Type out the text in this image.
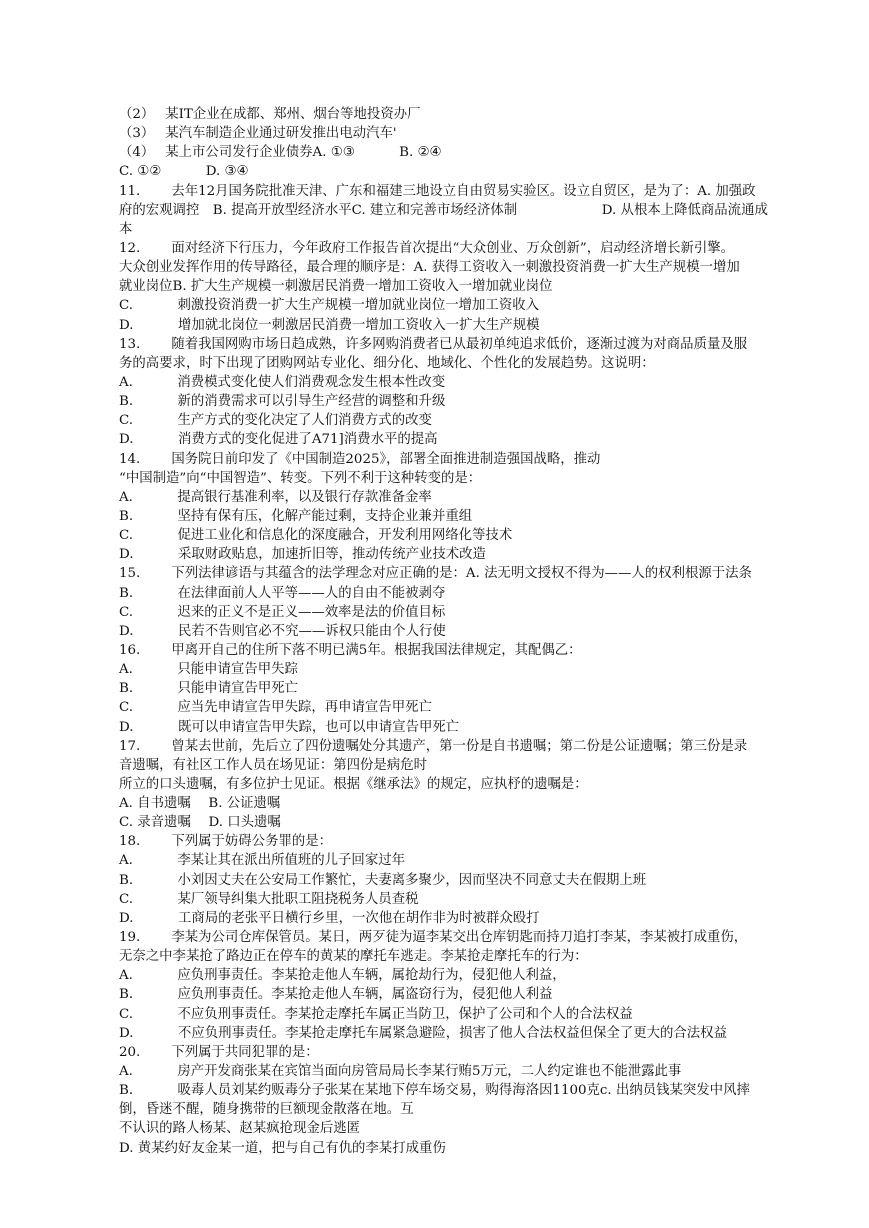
（2）　 某IT企业在成都、郑州、烟台等地投资办厂
（3）　 某汽车制造企业通过研发推出电动汽车'
（4）　 某上市公司发行企业债券A. ①③　　　 B. ②④
C. ①②　　　 D. ③④
11.　　 去年12月国务院批准天津、广东和福建三地设立自由贸易实验区。设立自贸区，是为了：A. 加强政
府的宏观调控　B. 提高开放型经济水平C. 建立和完善市场经济体制　　　　　　 D. 从根本上降低商品流通成
本
12.　　 面对经济下行压力，今年政府工作报告首次提出“大众创业、万众创新”，启动经济增长新引擎。
大众创业发挥作用的传导路径，最合理的顺序是：A. 获得工资收入一刺激投资消费一扩大生产规模一增加
就业岗位B. 扩大生产规模一刺激居民消费一增加工资收入一增加就业岗位
C.　　　 刺激投资消费一扩大生产规模一增加就业岗位一增加工资收入
D.　　　 增加就北岗位一刺激居民消费一增加工资收入一扩大生产规模
13.　　 随着我国网购市场日趋成熟，许多网购消费者已从最初单纯追求低价，逐渐过渡为对商品质量及服
务的高要求，时下出现了团购网站专业化、细分化、地域化、个性化的发展趋势。这说明：
A.　　　 消费模式变化使人们消费观念发生根本性改变
B.　　　 新的消费需求可以引导生产经营的调整和升级
C.　　　 生产方式的变化决定了人们消费方式的改变
D.　　　 消费方式的变化促进了A71]消费水平的提高
14.　　 国务院日前印发了《中国制造2025》，部署全面推进制造强国战略，推动
“中国制造”向“中国智造”、转变。下列不利于这种转变的是：
A.　　　 提高银行基准利率，以及银行存款准备金率
B.　　　 坚持有保有压，化解产能过剩，支持企业兼并重组
C.　　　 促进工业化和信息化的深度融合，开发利用网络化等技术
D.　　　 采取财政贴息，加速折旧等，推动传统产业技术改造
15.　　 下列法律谚语与其蕴含的法学理念对应正确的是：A. 法无明文授权不得为——人的权利根源于法条
B.　　　 在法律面前人人平等——人的自由不能被剥夺
C.　　　 迟来的正义不是正义——效率是法的价值目标
D.　　　 民若不告则官必不究——诉权只能由个人行使
16.　　 甲离开自己的住所下落不明已满5年。根据我国法律规定，其配偶乙：
A.　　　 只能申请宣告甲失踪
B.　　　 只能申请宣告甲死亡
C.　　　 应当先申请宣告甲失踪，再申请宣告甲死亡
D.　　　 既可以申请宣告甲失踪，也可以申请宣告甲死亡
17.　　 曾某去世前，先后立了四份遗嘱处分其遗产，第一份是自书遗嘱；第二份是公证遗嘱；第三份是录
音遗嘱，有社区工作人员在场见证：第四份是病危时
所立的口头遗嘱，有多位护士见证。根据《继承法》的规定，应执杼的遗嘱是：
A. 自书遗嘱　 B. 公证遗嘱
C. 录音遗嘱　 D. 口头遗嘱
18.　　 下列属于妨碍公务罪的是：
A.　　　 李某让其在派出所值班的儿子回家过年
B.　　　 小刘因丈夫在公安局工作繁忙，夫妻离多聚少，因而坚决不同意丈夫在假期上班
C.　　　 某厂领导纠集大批职工阻挠税务人员查税
D.　　　 工商局的老张平日横行乡里，一次他在胡作非为时被群众殴打
19.　　 李某为公司仓库保管员。某日，两歹徒为逼李某交出仓库钥匙而持刀追打李某，李某被打成重伤，
无奈之中李某抢了路边正在停车的黄某的摩托车逃走。李某抢走摩托车的行为：
A.　　　 应负刑事责任。李某抢走他人车辆，属抢劫行为，侵犯他人利益，
B.　　　 应负刑事责任。李某抢走他人车辆，属盗窃行为，侵犯他人利益
C.　　　 不应负刑事责任。李某抢走摩托车属正当防卫，保护了公司和个人的合法权益
D.　　　 不应负刑事责任。李某抢走摩托车属紧急避险，损害了他人合法权益但保全了更大的合法权益
20.　　 下列属于共同犯罪的是：
A.　　　 房产开发商张某在宾馆当面向房管局局长李某行贿5万元，二人约定谁也不能泄露此事
B.　　　 吸毒人员刘某约贩毒分子张某在某地下停车场交易，购得海洛因1100克c. 出纳员钱某突发中风摔
倒，昏迷不醒，随身携带的巨额现金散落在地。互
不认识的路人杨某、赵某疯抢现金后逃匿
D. 黄某约好友金某一道，把与自己有仇的李某打成重伤
